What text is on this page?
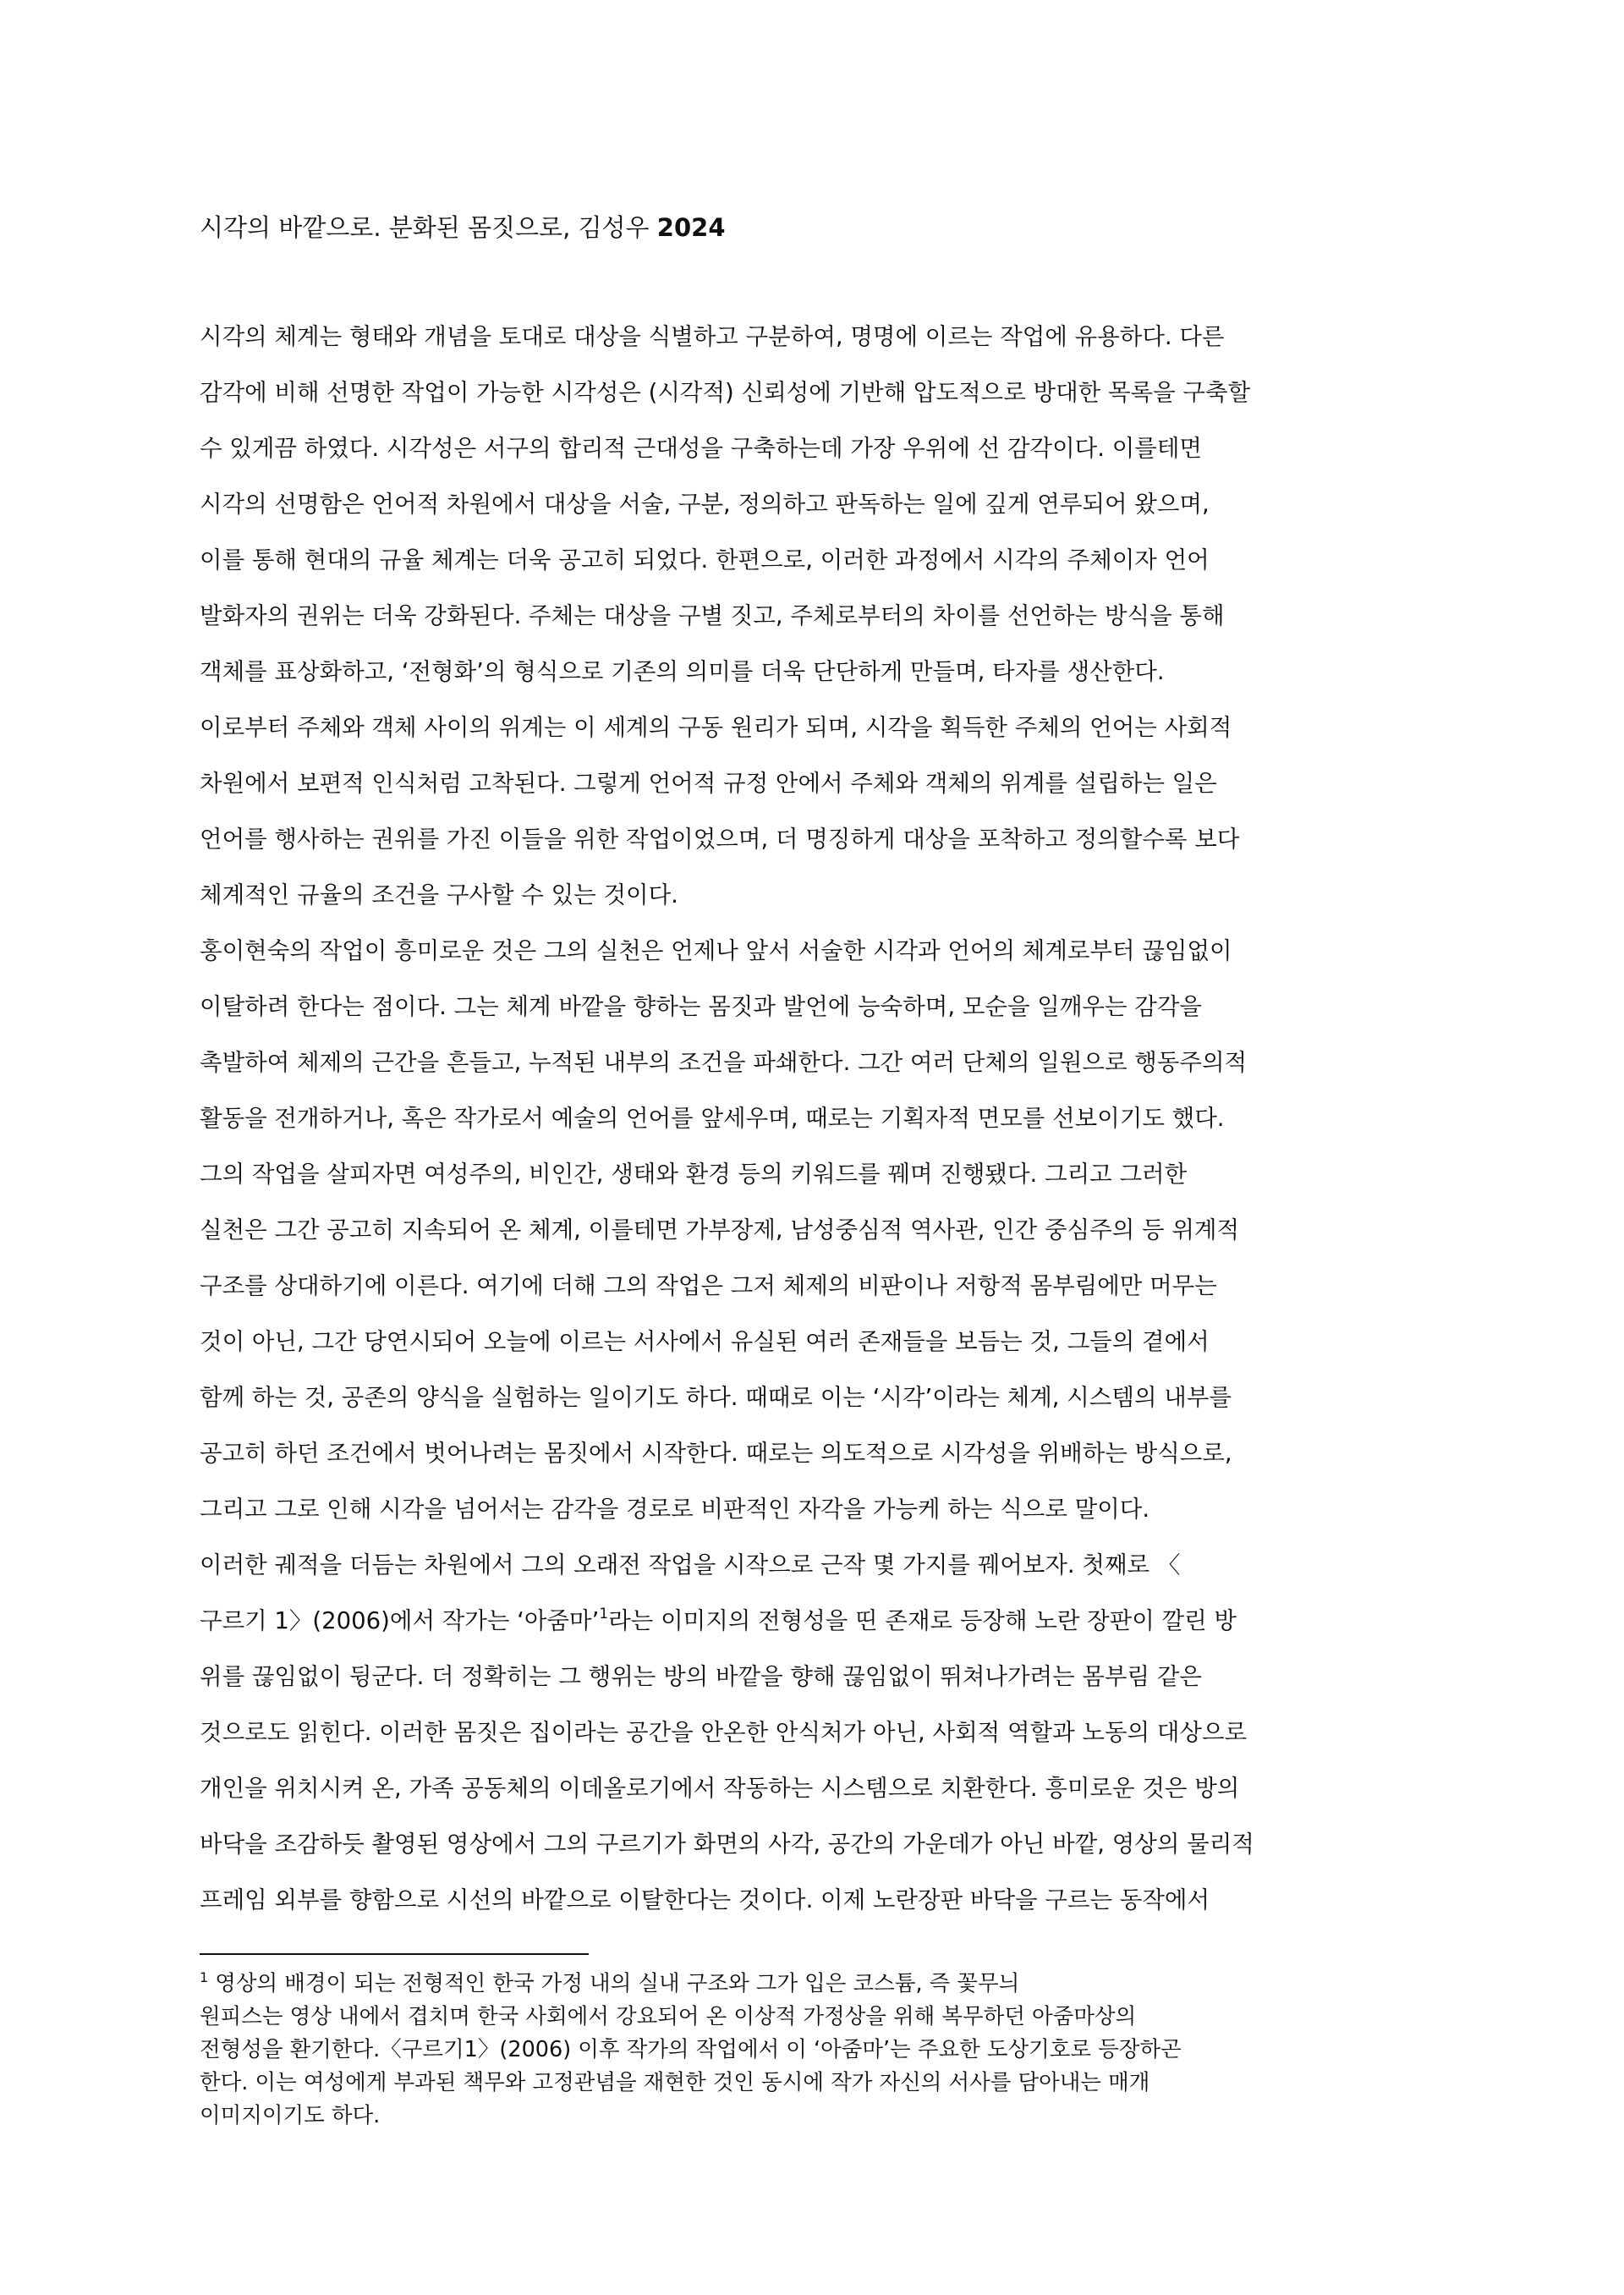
시각의 바깥으로. 분화된 몸짓으로, 김성우 2024
시각의 체계는 형태와 개념을 토대로 대상을 식별하고 구분하여, 명명에 이르는 작업에 유용하다. 다른
감각에 비해 선명한 작업이 가능한 시각성은 (시각적) 신뢰성에 기반해 압도적으로 방대한 목록을 구축할
수 있게끔 하였다. 시각성은 서구의 합리적 근대성을 구축하는데 가장 우위에 선 감각이다. 이를테면
시각의 선명함은 언어적 차원에서 대상을 서술, 구분, 정의하고 판독하는 일에 깊게 연루되어 왔으며,
이를 통해 현대의 규율 체계는 더욱 공고히 되었다. 한편으로, 이러한 과정에서 시각의 주체이자 언어
발화자의 권위는 더욱 강화된다. 주체는 대상을 구별 짓고, 주체로부터의 차이를 선언하는 방식을 통해
객체를 표상화하고, ‘전형화’의 형식으로 기존의 의미를 더욱 단단하게 만들며, 타자를 생산한다.
이로부터 주체와 객체 사이의 위계는 이 세계의 구동 원리가 되며, 시각을 획득한 주체의 언어는 사회적
차원에서 보편적 인식처럼 고착된다. 그렇게 언어적 규정 안에서 주체와 객체의 위계를 설립하는 일은
언어를 행사하는 권위를 가진 이들을 위한 작업이었으며, 더 명징하게 대상을 포착하고 정의할수록 보다
체계적인 규율의 조건을 구사할 수 있는 것이다.
홍이현숙의 작업이 흥미로운 것은 그의 실천은 언제나 앞서 서술한 시각과 언어의 체계로부터 끊임없이
이탈하려 한다는 점이다. 그는 체계 바깥을 향하는 몸짓과 발언에 능숙하며, 모순을 일깨우는 감각을
촉발하여 체제의 근간을 흔들고, 누적된 내부의 조건을 파쇄한다. 그간 여러 단체의 일원으로 행동주의적
활동을 전개하거나, 혹은 작가로서 예술의 언어를 앞세우며, 때로는 기획자적 면모를 선보이기도 했다.
그의 작업을 살피자면 여성주의, 비인간, 생태와 환경 등의 키워드를 꿰며 진행됐다. 그리고 그러한
실천은 그간 공고히 지속되어 온 체계, 이를테면 가부장제, 남성중심적 역사관, 인간 중심주의 등 위계적
구조를 상대하기에 이른다. 여기에 더해 그의 작업은 그저 체제의 비판이나 저항적 몸부림에만 머무는
것이 아닌, 그간 당연시되어 오늘에 이르는 서사에서 유실된 여러 존재들을 보듬는 것, 그들의 곁에서
함께 하는 것, 공존의 양식을 실험하는 일이기도 하다. 때때로 이는 ‘시각’이라는 체계, 시스템의 내부를
공고히 하던 조건에서 벗어나려는 몸짓에서 시작한다. 때로는 의도적으로 시각성을 위배하는 방식으로,
그리고 그로 인해 시각을 넘어서는 감각을 경로로 비판적인 자각을 가능케 하는 식으로 말이다.
이러한 궤적을 더듬는 차원에서 그의 오래전 작업을 시작으로 근작 몇 가지를 꿰어보자. 첫째로 〈
구르기 1〉(2006)에서 작가는 ‘아줌마’$^1$라는 이미지의 전형성을 띤 존재로 등장해 노란 장판이 깔린 방
위를 끊임없이 뒹군다. 더 정확히는 그 행위는 방의 바깥을 향해 끊임없이 뛰쳐나가려는 몸부림 같은
것으로도 읽힌다. 이러한 몸짓은 집이라는 공간을 안온한 안식처가 아닌, 사회적 역할과 노동의 대상으로
개인을 위치시켜 온, 가족 공동체의 이데올로기에서 작동하는 시스템으로 치환한다. 흥미로운 것은 방의
바닥을 조감하듯 촬영된 영상에서 그의 구르기가 화면의 사각, 공간의 가운데가 아닌 바깥, 영상의 물리적
프레임 외부를 향함으로 시선의 바깥으로 이탈한다는 것이다. 이제 노란장판 바닥을 구르는 동작에서
$^1$ 영상의 배경이 되는 전형적인 한국 가정 내의 실내 구조와 그가 입은 코스튬, 즉 꽃무늬
원피스는 영상 내에서 겹치며 한국 사회에서 강요되어 온 이상적 가정상을 위해 복무하던 아줌마상의
전형성을 환기한다.〈구르기1〉(2006) 이후 작가의 작업에서 이 ‘아줌마’는 주요한 도상기호로 등장하곤
한다. 이는 여성에게 부과된 책무와 고정관념을 재현한 것인 동시에 작가 자신의 서사를 담아내는 매개
이미지이기도 하다.
